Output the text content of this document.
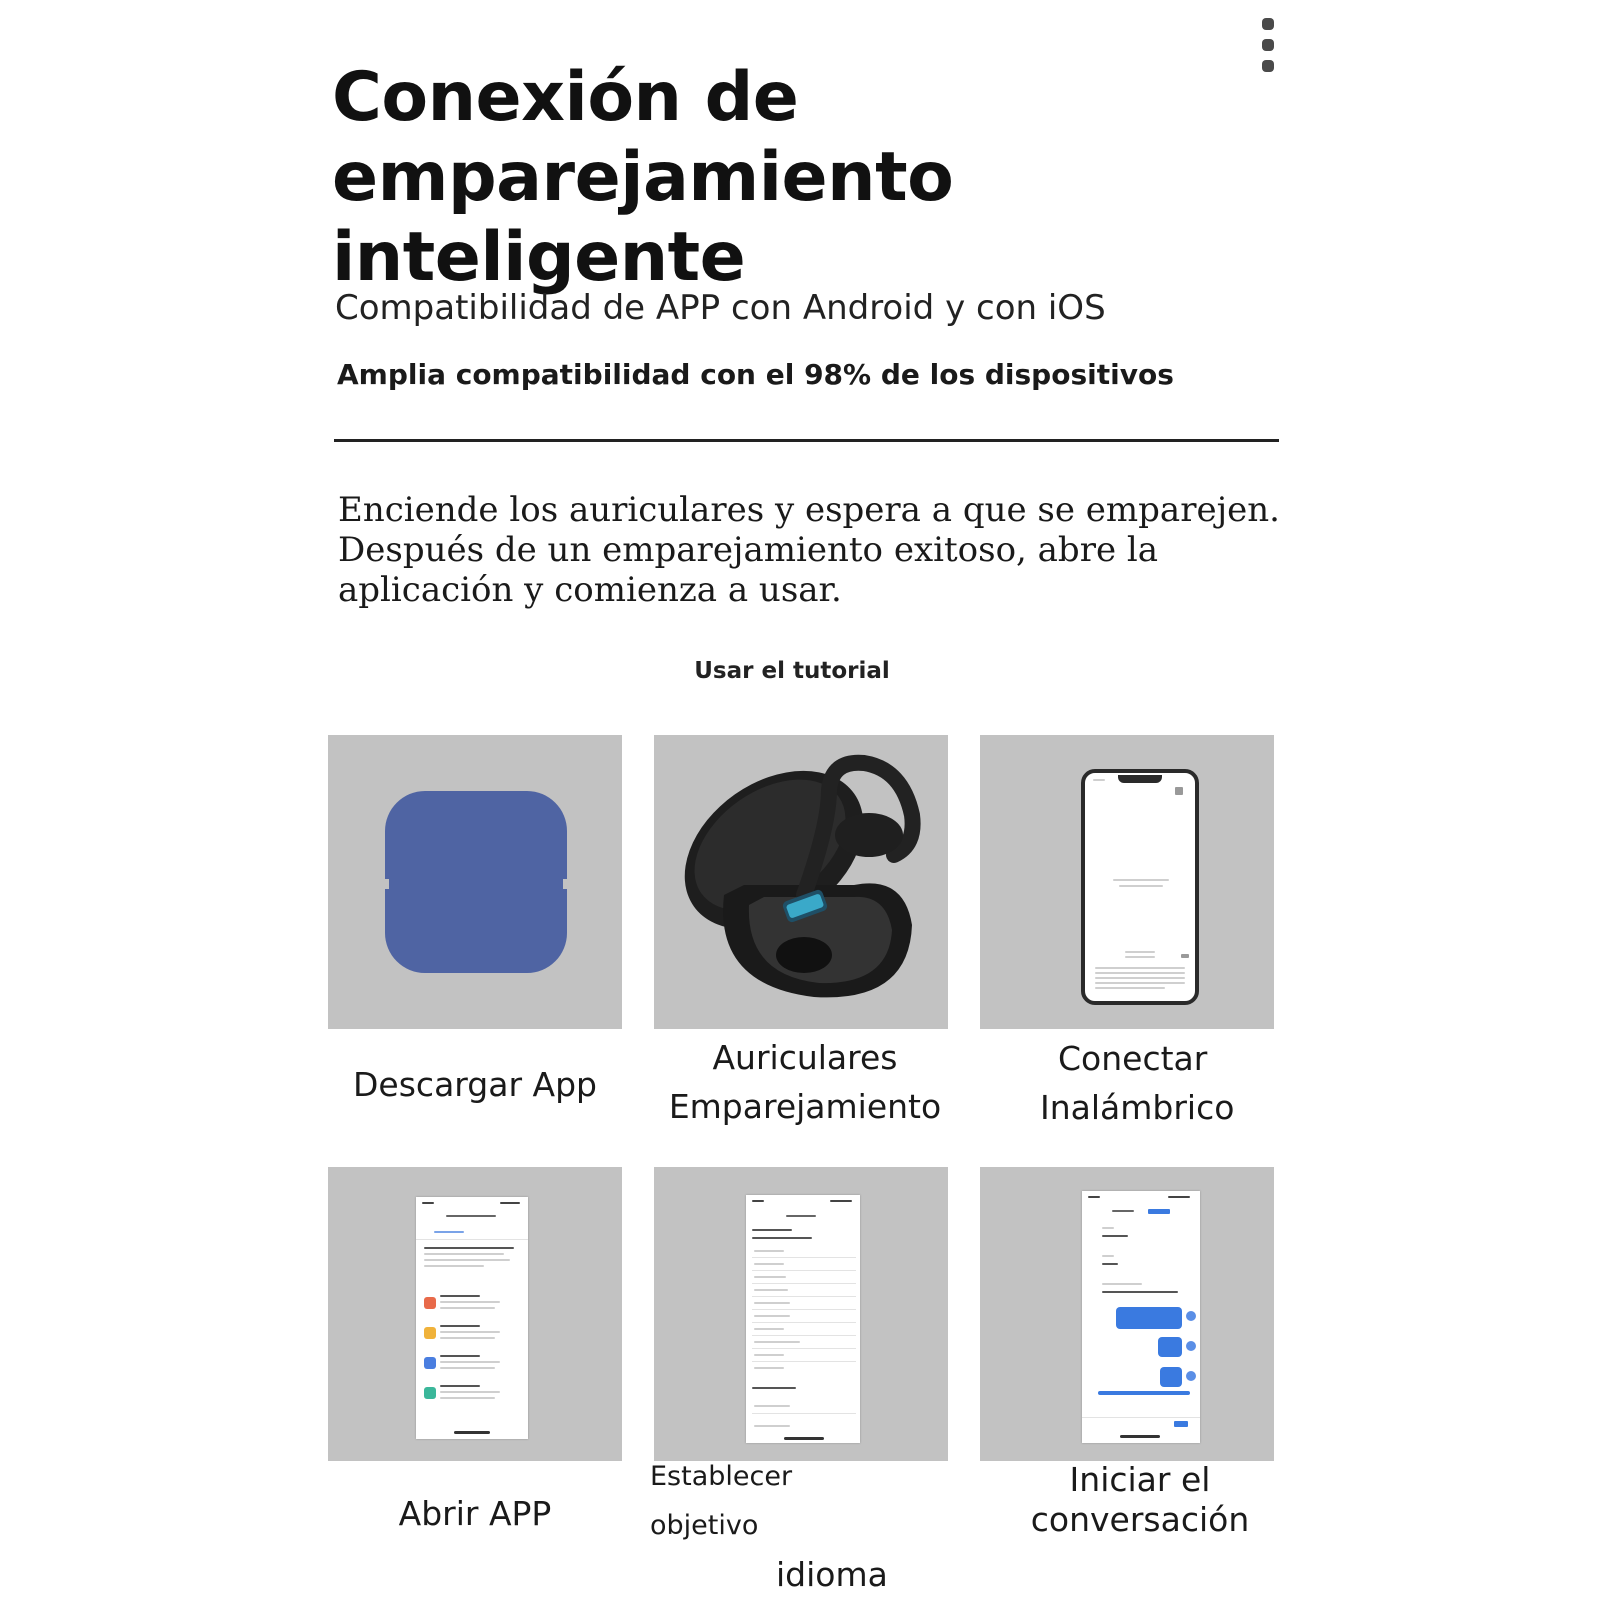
Conexión de
emparejamiento inteligente

Compatibilidad de APP con Android y con iOS

Amplia compatibilidad con el 98% de los dispositivos

Enciende los auriculares y espera a que se emparejen.
Después de un emparejamiento exitoso, abre la
aplicación y comienza a usar.

Usar el tutorial
Descargar App
Auriculares
Emparejamiento
Conectar
Inalámbrico
Abrir APP
Establecer objetivo
idioma
Iniciar el
conversación
